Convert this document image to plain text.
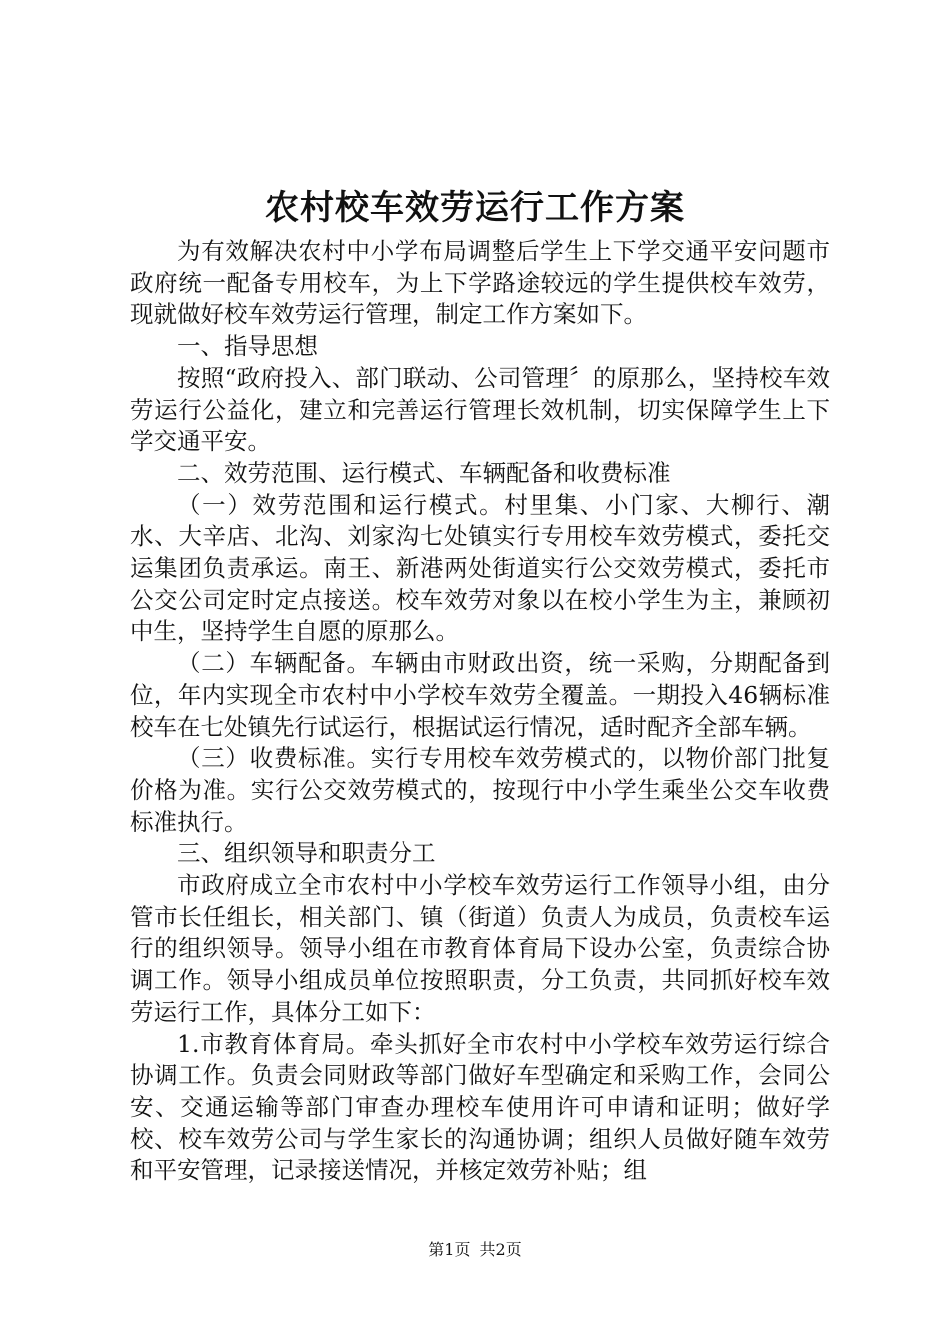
农村校车效劳运行工作方案

为有效解决农村中小学布局调整后学生上下学交通平安问题市政府统一配备专用校车，为上下学路途较远的学生提供校车效劳，现就做好校车效劳运行管理，制定工作方案如下。

一、指导思想

按照“政府投入、部门联动、公司管理〞的原那么，坚持校车效劳运行公益化，建立和完善运行管理长效机制，切实保障学生上下学交通平安。

二、效劳范围、运行模式、车辆配备和收费标准

（一）效劳范围和运行模式。村里集、小门家、大柳行、潮水、大辛店、北沟、刘家沟七处镇实行专用校车效劳模式，委托交运集团负责承运。南王、新港两处街道实行公交效劳模式，委托市公交公司定时定点接送。校车效劳对象以在校小学生为主，兼顾初中生，坚持学生自愿的原那么。

（二）车辆配备。车辆由市财政出资，统一采购，分期配备到位，年内实现全市农村中小学校车效劳全覆盖。一期投入46辆标准校车在七处镇先行试运行，根据试运行情况，适时配齐全部车辆。

（三）收费标准。实行专用校车效劳模式的，以物价部门批复价格为准。实行公交效劳模式的，按现行中小学生乘坐公交车收费标准执行。

三、组织领导和职责分工

市政府成立全市农村中小学校车效劳运行工作领导小组，由分管市长任组长，相关部门、镇（街道）负责人为成员，负责校车运行的组织领导。领导小组在市教育体育局下设办公室，负责综合协调工作。领导小组成员单位按照职责，分工负责，共同抓好校车效劳运行工作，具体分工如下：

1.市教育体育局。牵头抓好全市农村中小学校车效劳运行综合协调工作。负责会同财政等部门做好车型确定和采购工作，会同公安、交通运输等部门审查办理校车使用许可申请和证明；做好学校、校车效劳公司与学生家长的沟通协调；组织人员做好随车效劳和平安管理，记录接送情况，并核定效劳补贴；组

第1页 共2页
